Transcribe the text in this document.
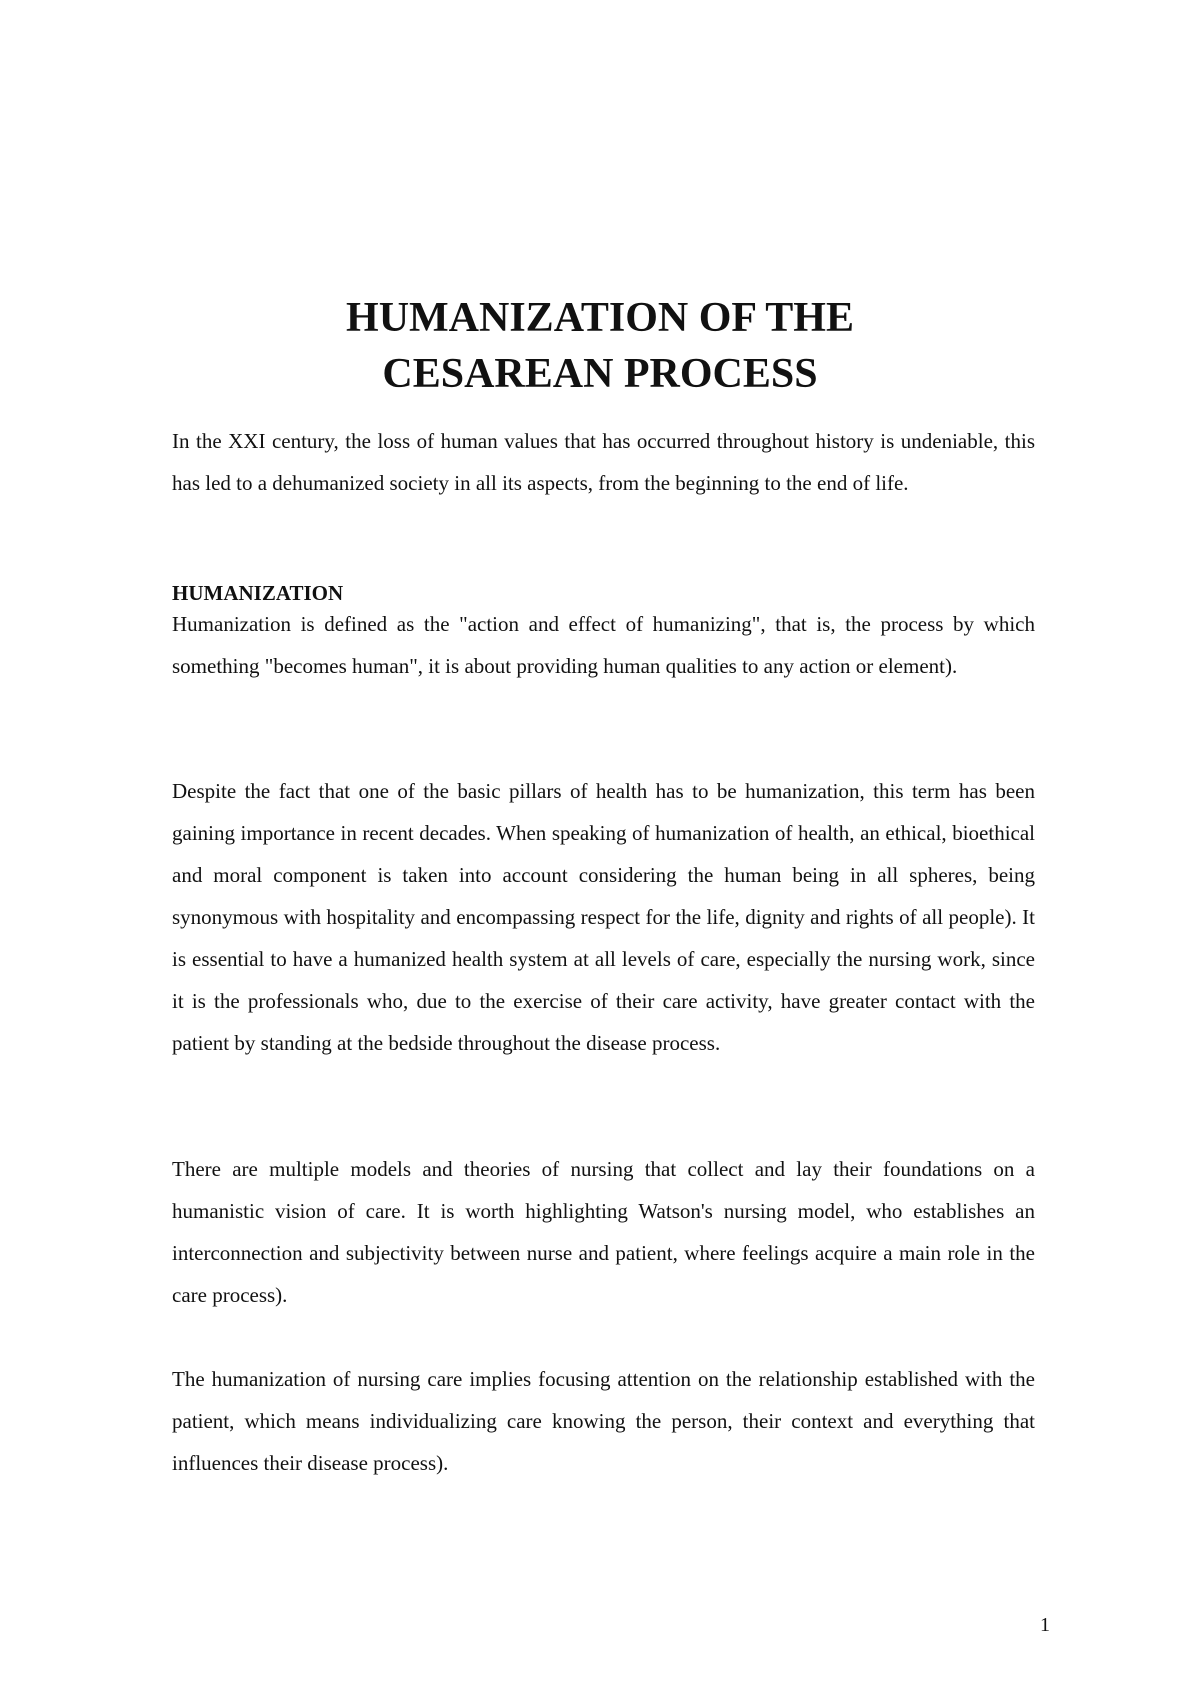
HUMANIZATION OF THE
CESAREAN PROCESS

In the XXI century, the loss of human values that has occurred throughout history is undeniable, this has led to a dehumanized society in all its aspects, from the beginning to the end of life.

HUMANIZATION

Humanization is defined as the "action and effect of humanizing", that is, the process by which something "becomes human", it is about providing human qualities to any action or element).

Despite the fact that one of the basic pillars of health has to be humanization, this term has been gaining importance in recent decades. When speaking of humanization of health, an ethical, bioethical and moral component is taken into account considering the human being in all spheres, being synonymous with hospitality and encompassing respect for the life, dignity and rights of all people). It is essential to have a humanized health system at all levels of care, especially the nursing work, since it is the professionals who, due to the exercise of their care activity, have greater contact with the patient by standing at the bedside throughout the disease process.

There are multiple models and theories of nursing that collect and lay their foundations on a humanistic vision of care. It is worth highlighting Watson's nursing model, who establishes an interconnection and subjectivity between nurse and patient, where feelings acquire a main role in the care process).

The humanization of nursing care implies focusing attention on the relationship established with the patient, which means individualizing care knowing the person, their context and everything that influences their disease process).

1
